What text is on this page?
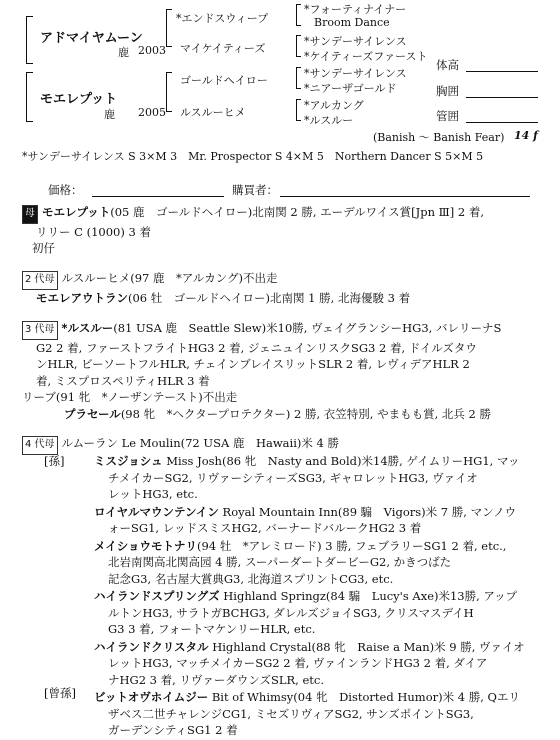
アドマイヤムーン
鹿 2003
モエレプット
鹿 2005
*エンドスウィープ
マイケイティーズ
ゴールドヘイロー
ルスルーヒメ
*フォーティナイナー
Broom Dance
*サンデーサイレンス
*ケイティーズファースト
*サンデーサイレンス
*ニアーザゴールド
*アルカング
*ルスルー
体高
胸囲
管囲
(Banish 〜 Banish Fear) 14 f
*サンデーサイレンス S 3×M 3　Mr. Prospector S 4×M 5　Northern Dancer S 5×M 5
価格：	購買者：

母 モエレプット(05 鹿　ゴールドヘイロー)北南関 2 勝, エーデルワイス賞[Jpn Ⅲ] 2 着,

リリー C (1000) 3 着

初仔

2 代母 ルスルーヒメ(97 鹿　*アルカング)不出走

モエレアウトラン(06 牡　ゴールドヘイロー)北南関 1 勝, 北海優駿 3 着

3 代母 *ルスルー(81 USA 鹿　Seattle Slew)米10勝, ヴェイグランシーHG3, バレリーナS

G2 2 着, ファーストフライトHG3 2 着, ジェニュインリスクSG3 2 着, ドイルズタウ

ンHLR, ビーソートフルHLR, チェインブレイスリットSLR 2 着, レヴィデアHLR 2

着, ミスプロスペリティHLR 3 着

リーブ(91 牝　*ノーザンテースト)不出走

プラセール(98 牝　*ヘクタープロテクター) 2 勝, 衣笠特別, やまもも賞, 北兵 2 勝

4 代母 ルムーラン Le Moulin(72 USA 鹿　Hawaii)米 4 勝

[孫]
[曾孫]

ミスジョシュ Miss Josh(86 牝　Nasty and Bold)米14勝, ゲイムリーHG1, マッ

チメイカーSG2, リヴァーシティーズSG3, ギャロレットHG3, ヴァイオ

レットHG3, etc.

ロイヤルマウンテンイン Royal Mountain Inn(89 騸　Vigors)米 7 勝, マンノウ

ォーSG1, レッドスミスHG2, バーナードバルークHG2 3 着

メイショウモトナリ(94 牡　*アレミロード) 3 勝, フェブラリーSG1 2 着, etc.,

北岩南関高北関高园 4 勝, スーパーダートダービーG2, かきつばた

記念G3, 名古屋大賞典G3, 北海道スプリントCG3, etc.

ハイランドスプリングズ Highland Springz(84 騸　Lucy's Axe)米13勝, アップ

ルトンHG3, サラトガBCHG3, ダレルズジョイSG3, クリスマスデイH

G3 3 着, フォートマケンリーHLR, etc.

ハイランドクリスタル Highland Crystal(88 牝　Raise a Man)米 9 勝, ヴァイオ

レットHG3, マッチメイカーSG2 2 着, ヴァインランドHG3 2 着, ダイア

ナHG2 3 着, リヴァーダウンズSLR, etc.

ビットオヴホイムジー Bit of Whimsy(04 牝　Distorted Humor)米 4 勝, Qエリ

ザベス二世チャレンジCG1, ミセズリヴィアSG2, サンズポイントSG3,

ガーデンシティSG1 2 着
